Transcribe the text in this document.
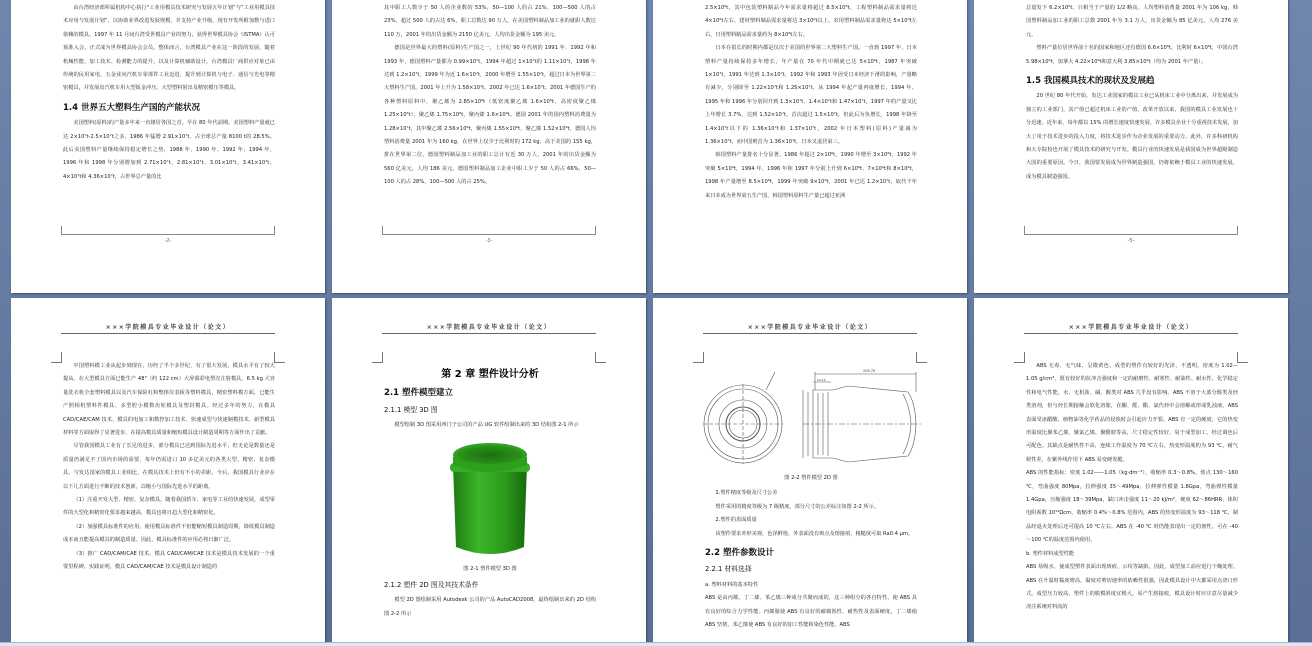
由台湾经济部所属机构中心执行“工业用模具技术研究与发展五年计划”与“工业用模具技术应用与发展计划”，以协助业界改进发展规模，并支持产业升级。现有开发所附加数与进口依赖的模具。1997 年 11 月间台湾受世模具产业的努力，获得世界模具协会（ISTMA）认可预准入会，正式成为世界模具协会会员。整体而言，台湾模具产业在这一阶段的发展，随着机械性能、加工技术、检测能力的提升，以及计算机辅助设计，台湾模具厂商供应对象已由传统的民用家电、五金业向汽机车零部件工业迈进，提升到计算机与电子、通信与光电等精密模具，并发展出汽机车用大型钣金冲压、大型塑料射出及精密模压等模具。

1.4 世界五大塑料生产国的产能状况

美国塑料(原料)的产量多年来一直雄居各国之首。早在 80 年代前期，美国塑料产量就已达 2×10⁷t-2.5×10⁷t之多，1986 年猛增 2.91×10⁷t，占全球总产量 8100 t的 28.5%。此后美国塑料产量继续保持稳定增长之势，1988 年、1990 年、1992 年、1994 年、1996 年和 1998 年分别增加到 2.71×10⁷t、2.81×10⁷t、3.01×10⁷t、3.41×10⁷t、4×10⁷t和 4.36×10⁷t，占世界总产量的比

-2-

其中职工人数少于 50 人的企业数的 53%，50—100 人的占 21%，100—500 人的占 23%，超过 500 人的占达 6%，职工总数达 90 万人，在美国塑料制品加工业的就职人数达 110 万，2001 年的出货金额为 2150 亿美元，人均出货金额为 195 美元。

德国是世界最大的塑料(原料)生产国之一，上世纪 90 年代初的 1991 年、1992 年和 1993 年，德国塑料产量都为 0.99×10⁷t，1994 年超过 1×10⁷t的 1.11×10⁷t，1998 年达到 1.2×10⁷t，1999 年为近 1.6×10⁷t，2000 年增至 1.55×10⁷t，超过日本为世界第二大塑料生产国。2001 年上升为 1.58×10⁷t，2002 年已达 1.6×10⁷t。2001 年德国生产的各种塑料原料中，聚乙烯为 2.85×10⁶t（低密度聚乙烯 1.6×10⁶t，高密度聚乙烯 1.25×10⁶t），聚乙烯 1.75×10⁶t，聚丙烯 1.6×10⁶t。德国 2001 年的国内塑料消费量为 1.28×10⁷t，其中聚乙烯 2.56×10⁶t，聚丙烯 1.55×10⁶t，聚乙烯 1.52×10⁶t。德国人均塑料消费量 2001 年为 160 kg，在世界上仅少于比利时的 172 kg，高于美国的 155 kg，排在世界第二位。德国塑料制品加工业的职工总计有近 30 万人，2001 年的出货金额为 560 亿美元，人均 186 美元。德国塑料制品加工企业中职工少于 50 人的占 66%，50—100 人的占 28%，100—500 人的占 25%。

-3-

2.5×10⁶t，其中包装塑料制品今年需求量将超过 8.5×10⁶t，工程塑料制品需求量将达 4×10⁶t左右，建材塑料制品需求量将达 3×10⁶t以上，农用塑料制品需求量将达 5×10⁵t左右，日用塑料制品需求量约为 8×10⁶t左右。

日本在很长的时期内都是仅次于美国的世界第二大塑料生产国。一直到 1997 年，日本塑料产量持续保持多年增长，年产量在 70 年代中期就已达 5×10⁶t，1987 年突破 1×10⁷t，1991 年达到 1.3×10⁷t，1992 年和 1993 年因受日本经济下滑的影响，产量略有减少，分别降至 1.22×10⁷t和 1.25×10⁷t。从 1994 年起产量再度增长，1994 年、1995 年和 1996 年分别回升到 1.3×10⁷t、1.4×10⁷t和 1.47×10⁷t，1997 年的产量又比上年增长 3.7%，达到 1.52×10⁷t，首次超过 1.5×10⁷t，但此后为负增长，1998 年降至 1.4×10⁷t以下的 1.36×10⁷t和 1.37×10⁷t，2002 年日本塑料(原料)产量减为 1.36×10⁷t，而中国则首为 1.36×10⁷t，日本又退居第三。

韩国塑料产量排名十分显著。1986 年超过 2×10⁶t，1990 年增至 3×10⁶t，1992 年突破 5×10⁶t，1994 年、1996 年和 1997 年分别上升到 6×10⁶t、7×10⁶t和 8×10⁶t，1998 年产量增至 8.5×10⁶t，1999 年突破 9×10⁶t，2001 年已达 1.2×10⁷t，取代千年来日本成为世界第五生产国，韩国塑料原料生产量已超过亚洲

总量发下 6.2×10⁶t，只相当于产量的 1/2 略高。人均塑料消费量 2001 年为 106 kg，韩国塑料制品加工业的职工总数 2001 年为 3.1 万人，出货金额为 85 亿美元，人均 276 美元。

塑料产量位居世界前十名的国家和地区还有德国 6.6×10⁶t，比利时 6×10⁶t，中国台湾 5.98×10⁶t，加拿大 4.22×10⁶t和意大利 3.85×10⁶t（均为 2001 年产量）。

1.5 我国模具技术的现状及发展趋

20 世纪 80 年代开始，发达工业国家的模具工业已从机床工业中分离出来，并发展成为独立的工业部门，其产值已超过机床工业的产值。改革开放以来，我国的模具工业发展也十分迅速。近年来，每年都以 15% 的增长速度快速发展。许多模具企业十分重视技术发展，加大了用于技术进步的投入力度，将技术进步作为企业发展的重要动力。此外，许多科研机构和大专院校也开展了模具技术的研究与开发。模具行业的快速发展是我国成为世界超级制造大国的重要原因。今日，我国要发展成为世界制造强国，仍将依赖于模具工业的快速发展，成为模具制造强国。

-5-
×××学院模具专业毕业设计（论文）

中国塑料模工业从起步到现在，历经了半个多世纪，有了很大发展，模具水平有了较大提高。在大型模具方面已能生产 48"（约 122 cm）大屏幕彩电塑壳注射模具，6.5 kg 大容量洗衣机全套塑料模具以及汽车保险杠和整体仪表板等塑料模具，精密塑料模方面，已能生产照相机塑料件模具、多型腔小模数齿轮模具及塑封模具。经过多年的努力，在模具 CAD/CAE/CAM 技术、模具的电加工和数控加工技术、快速成型与快速制模技术、新型模具材料等方面取得了显著进步，在提高模具质量和缩短模具设计制造周期等方面作出了贡献。

尽管我国模具工业有了长足的进步，部分模具已达到国际先进水平，但无论是数量还是质量仍满足不了国内市场的需要，每年仍需进口 10 多亿美元的各类大型、精密、复杂模具。与发达国家的模具工业相比，在模具技术上仍有不小的差距。今后，我国模具行业应在以下几方面进行不断的技术创新，以缩小与国际先进水平的距离。

（1）注重开发大型、精密、复杂模具。随着我国轿车、家电等工业的快速发展，成型零件的大型化和精密化要求越来越高，模具也将日趋大型化和精密化。

（2）加强模具标准件的应用。使用模具标准件不但能缩短模具制造周期，降低模具制造成本而且能提高模具的制造质量。因此，模具标准件的应用必将日渐广泛。

（3）推广 CAD/CAM/CAE 技术。模具 CAD/CAM/CAE 技术是模具技术发展的一个重要里程碑。实践证明，模具 CAD/CAM/CAE 技术是模具设计制造的

×××学院模具专业毕业设计（论文）
第 2 章 塑件设计分析
2.1 塑件模型建立
2.1.1 模型 3D 图

模型绘制 3D 图采用西门子公司的产品 UG 软件绘制出来的 3D 结构图 2-1 所示

图 2-1 塑件模型 3D 图
2.1.2 塑件 2D 图及其技术条件

模型 2D 图绘制采用 Autodesk 公司的产品 AutoCAD2008，最终绘制出来的 2D 结构图 2-2 所示

×××学院模具专业毕业设计（论文）
209.70
12.14
图 2-2 塑件模型 2D 图

1.塑件精度等级及尺寸公差

塑件采用的精度等级为 7 级精度，部分尺寸的公差标注如图 2-2 所示。

2.塑件的表面质量

该塑件要求外形美观，色泽鲜艳，外表面没有斑点及熔接痕，粗糙度可取 Ra0.4 μm。

2.2 塑件参数设计
2.2.1 材料选择

a. 塑料材料的基本特性

ABS 是由丙烯、丁二烯、苯乙烯三种成分共聚而成的，这三种组分的各自特性，使 ABS 具有良好的综合力学性能。丙烯腈使 ABS 有良好的耐腐蚀性、耐热性及表面硬度，丁二烯使 ABS 坚韧，苯乙烯使 ABS 有良好的加工性能和染色性能，ABS

×××学院模具专业毕业设计（论文）

ABS 无毒、无气味，呈微黄色，成型的塑件有较好的光泽，不透明，密度为 1.02—1.05 g/cm³，既有较好的抗冲击强度和一定的耐磨性、耐寒性、耐油性、耐水性、化学稳定性和电气性能，水、无机盐、碱、酸类对 ABS 几乎没有影响。ABS 不溶于大部分醇类及烃类溶剂，但与烃长期接触会软化溶胀，在酮、醛、酯、氯代烃中会溶解或形成乳浊液。ABS 表面受冰醋酸、植物油等化学药品的侵蚀时会引起应力开裂。ABS 有一定的硬度，它的热变形温度比聚苯乙烯、聚氯乙烯、聚酰胺等高，尺寸稳定性较好，易于成型加工，经过调色后可配色。其缺点是耐热性不高，连续工作温度为 70 ℃左右，热变形温度约为 93 ℃，耐气候性差，在紫外线作用下 ABS 易变硬发脆。

ABS 的性能指标：密度 1.02——1.05（kg·dm⁻³），收缩率 0.3～0.8%，熔点 130～160 ℃，弯曲强度 80Mpa，拉伸强度 35～49Mpa，拉伸弹性模量 1.8Gpa，弯曲弹性模量 1.4Gpa，压缩强度 18～39Mpa，缺口冲击强度 11～20 kJ/m²，硬度 62～86HRR，体积电阻系数 10¹³Ωcm，收缩率 0.4%～0.8% 范围内，ABS 的热变形温度为 93～118 ℃，制品经退火处理后还可提高 10 ℃左右。ABS 在 -40 ℃ 时仍能表现出一定的韧性，可在 -40～100 ℃的温度范围内使用。

b. 塑件材料成型性能

ABS 易吸水，使成型塑件表面出现斑痕、云纹等缺陷。因此，成型加工前应进行干燥处理。ABS 在升温时黏度增高，黏度对剪切速率的依赖性很强，因此模具设计中大都采用点浇口形式。成型压力较高，塑件上的脱模斜度宜稍大。易产生熔接痕，模具设计时应注意尽量减少浇注系统对料流的
